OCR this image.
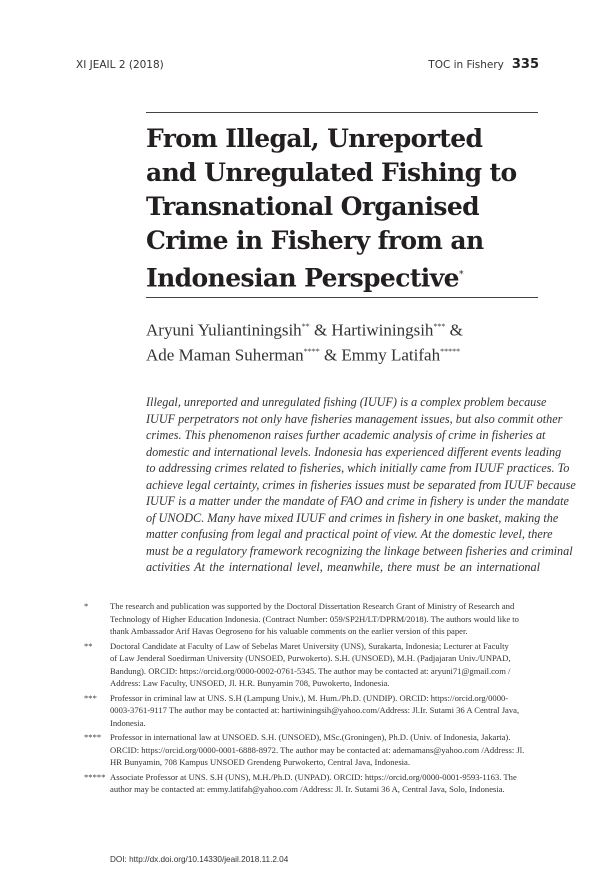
XI JEAIL 2 (2018)	TOC in Fishery 335
From Illegal, Unreported
and Unregulated Fishing to
Transnational Organised
Crime in Fishery from an
Indonesian Perspective*
Aryuni Yuliantiningsih** & Hartiwiningsih*** &
Ade Maman Suherman**** & Emmy Latifah*****

Illegal, unreported and unregulated fishing (IUUF) is a complex problem because
IUUF perpetrators not only have fisheries management issues, but also commit other
crimes. This phenomenon raises further academic analysis of crime in fisheries at
domestic and international levels. Indonesia has experienced different events leading
to addressing crimes related to fisheries, which initially came from IUUF practices. To
achieve legal certainty, crimes in fisheries issues must be separated from IUUF because
IUUF is a matter under the mandate of FAO and crime in fishery is under the mandate
of UNODC. Many have mixed IUUF and crimes in fishery in one basket, making the
matter confusing from legal and practical point of view. At the domestic level, there
must be a regulatory framework recognizing the linkage between fisheries and criminal
activities At the international level, meanwhile, there must be an international

*	The research and publication was supported by the Doctoral Dissertation Research Grant of Ministry of Research and
Technology of Higher Education Indonesia. (Contract Number: 059/SP2H/LT/DPRM/2018). The authors would like to
thank Ambassador Arif Havas Oegroseno for his valuable comments on the earlier version of this paper.
**	Doctoral Candidate at Faculty of Law of Sebelas Maret University (UNS), Surakarta, Indonesia; Lecturer at Faculty
of Law Jenderal Soedirman University (UNSOED, Purwokerto). S.H. (UNSOED), M.H. (Padjajaran Univ./UNPAD,
Bandung). ORCID: https://orcid.org/0000-0002-0761-5345. The author may be contacted at: aryuni71@gmail.com /
Address: Law Faculty, UNSOED, Jl. H.R. Bunyamin 708, Puwokerto, Indonesia.
***	Professor in criminal law at UNS. S.H (Lampung Univ.), M. Hum./Ph.D. (UNDIP). ORCID: https://orcid.org/0000-
0003-3761-9117 The author may be contacted at: hartiwiningsih@yahoo.com/Address: Jl.Ir. Sutami 36 A Central Java,
Indonesia.
****	Professor in international law at UNSOED. S.H. (UNSOED), MSc.(Groningen), Ph.D. (Univ. of Indonesia, Jakarta).
ORCID: https://orcid.org/0000-0001-6888-8972. The author may be contacted at: ademamans@yahoo.com /Address: Jl.
HR Bunyamin, 708 Kampus UNSOED Grendeng Purwokerto, Central Java, Indonesia.
***** Associate Professor at UNS. S.H (UNS), M.H./Ph.D. (UNPAD). ORCID: https://orcid.org/0000-0001-9593-1163. The
author may be contacted at: emmy.latifah@yahoo.com /Address: Jl. Ir. Sutami 36 A, Central Java, Solo, Indonesia.
DOI: http://dx.doi.org/10.14330/jeail.2018.11.2.04
